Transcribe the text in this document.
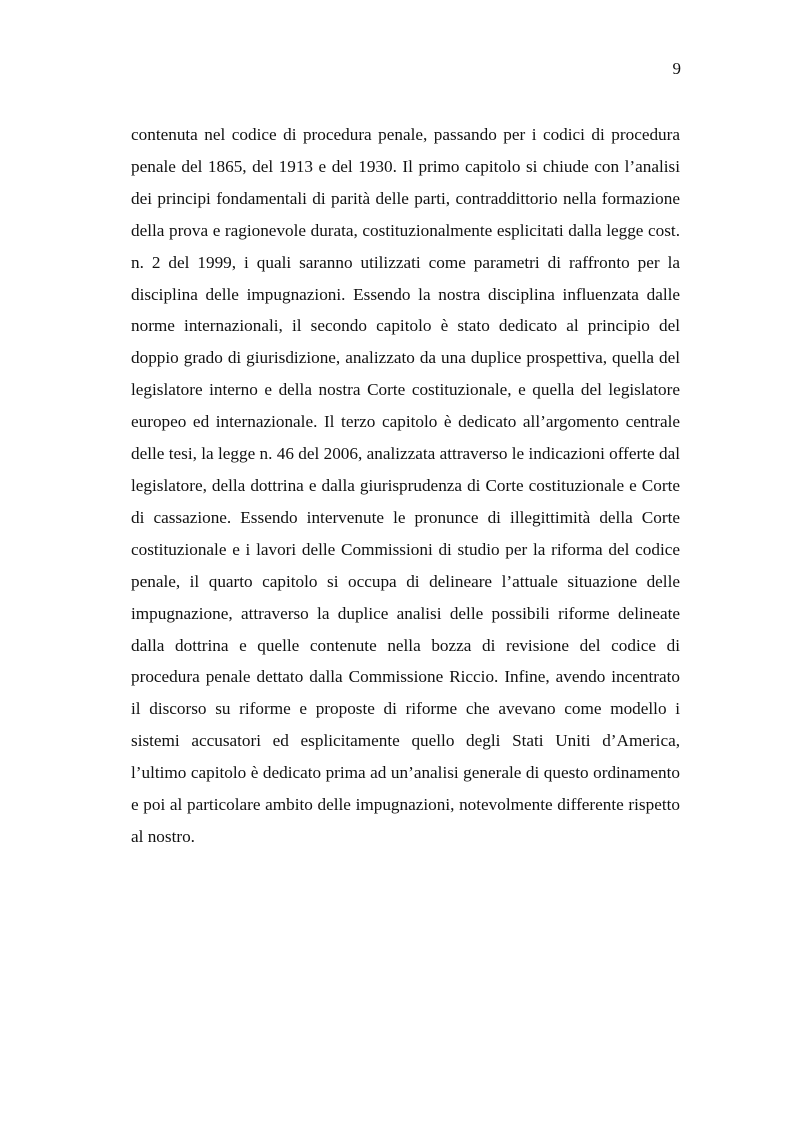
9

contenuta nel codice di procedura penale, passando per i codici di procedura penale del 1865, del 1913 e del 1930. Il primo capitolo si chiude con l’analisi dei principi fondamentali di parità delle parti, contraddittorio nella formazione della prova e ragionevole durata, costituzionalmente esplicitati dalla legge cost. n. 2 del 1999, i quali saranno utilizzati come parametri di raffronto per la disciplina delle impugnazioni. Essendo la nostra disciplina influenzata dalle norme internazionali, il secondo capitolo è stato dedicato al principio del doppio grado di giurisdizione, analizzato da una duplice prospettiva, quella del legislatore interno e della nostra Corte costituzionale, e quella del legislatore europeo ed internazionale. Il terzo capitolo è dedicato all’argomento centrale delle tesi, la legge n. 46 del 2006, analizzata attraverso le indicazioni offerte dal legislatore, della dottrina e dalla giurisprudenza di Corte costituzionale e Corte di cassazione. Essendo intervenute le pronunce di illegittimità della Corte costituzionale e i lavori delle Commissioni di studio per la riforma del codice penale, il quarto capitolo si occupa di delineare l’attuale situazione delle impugnazione, attraverso la duplice analisi delle possibili riforme delineate dalla dottrina e quelle contenute nella bozza di revisione del codice di procedura penale dettato dalla Commissione Riccio. Infine, avendo incentrato il discorso su riforme e proposte di riforme che avevano come modello i sistemi accusatori ed esplicitamente quello degli Stati Uniti d’America, l’ultimo capitolo è dedicato prima ad un’analisi generale di questo ordinamento e poi al particolare ambito delle impugnazioni, notevolmente differente rispetto al nostro.
